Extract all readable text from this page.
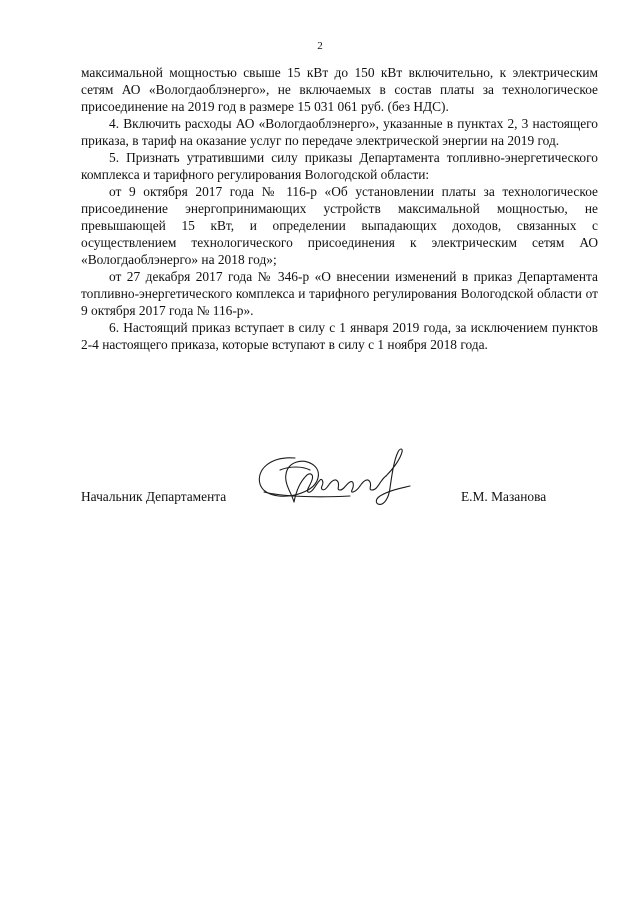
2

максимальной мощностью свыше 15 кВт до 150 кВт включительно, к электрическим сетям АО «Вологдаоблэнерго», не включаемых в состав платы за технологическое присоединение на 2019 год в размере 15 031 061 руб. (без НДС).

4. Включить расходы АО «Вологдаоблэнерго», указанные в пунктах 2, 3 настоящего приказа, в тариф на оказание услуг по передаче электрической энергии на 2019 год.

5. Признать утратившими силу приказы Департамента топливно-энергетического комплекса и тарифного регулирования Вологодской области:

от 9 октября 2017 года № 116-р «Об установлении платы за технологическое присоединение энергопринимающих устройств максимальной мощностью, не превышающей 15 кВт, и определении выпадающих доходов, связанных с осуществлением технологического присоединения к электрическим сетям АО «Вологдаоблэнерго» на 2018 год»;

от 27 декабря 2017 года № 346-р «О внесении изменений в приказ Департамента топливно-энергетического комплекса и тарифного регулирования Вологодской области от 9 октября 2017 года № 116-р».

6. Настоящий приказ вступает в силу с 1 января 2019 года, за исключением пунктов 2-4 настоящего приказа, которые вступают в силу с 1 ноября 2018 года.

Начальник Департамента	Е.М. Мазанова
